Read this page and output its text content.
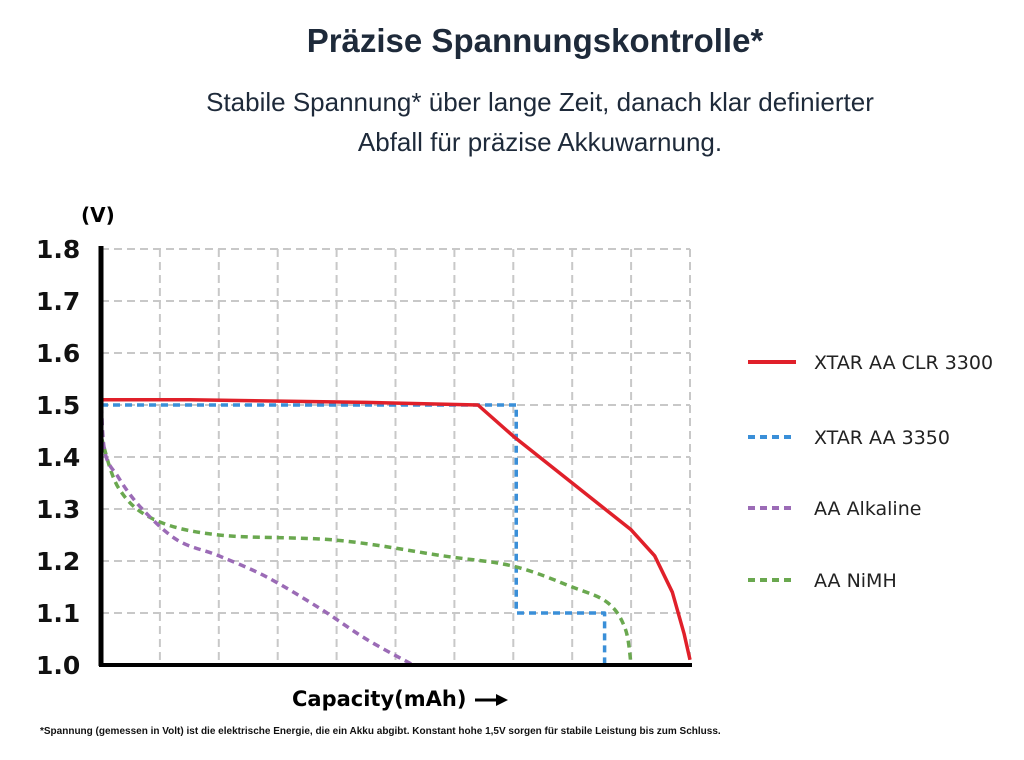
Präzise Spannungskontrolle*
Stabile Spannung* über lange Zeit, danach klar definierter
Abfall für präzise Akkuwarnung.
(V)
Capacity(mAh)
1.8
1.7
1.6
1.5
1.4
1.3
1.2
1.1
1.0
XTAR AA CLR 3300
XTAR AA 3350
AA Alkaline
AA NiMH
*Spannung (gemessen in Volt) ist die elektrische Energie, die ein Akku abgibt. Konstant hohe 1,5V sorgen für stabile Leistung bis zum Schluss.
